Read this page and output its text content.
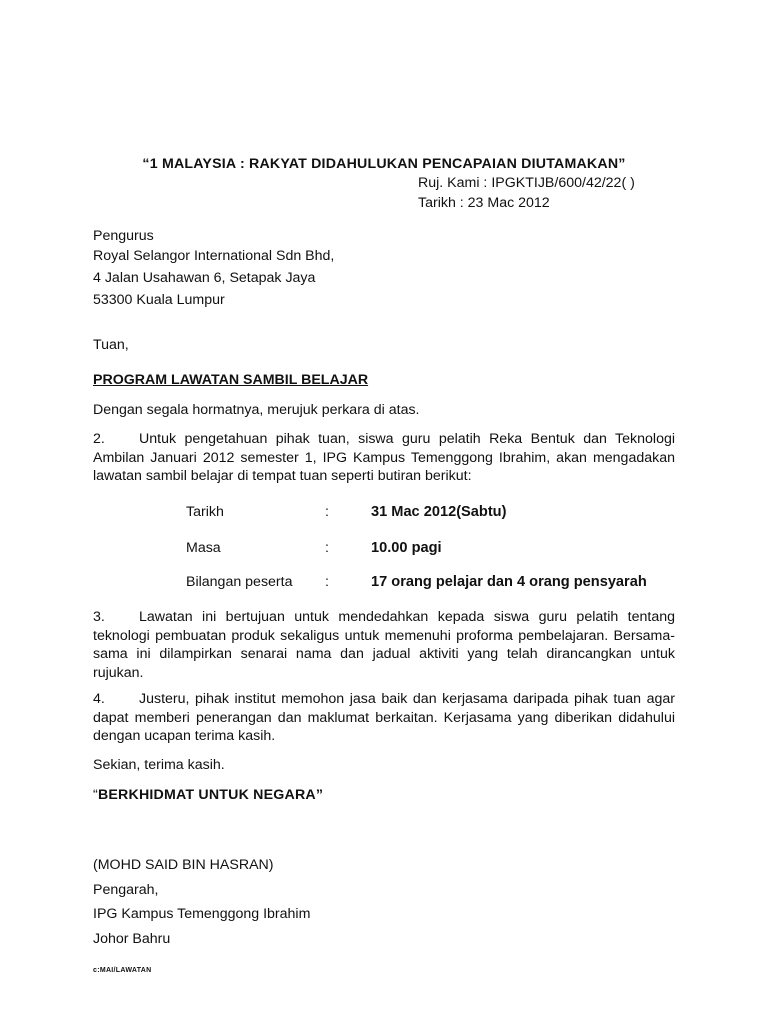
“1 MALAYSIA : RAKYAT DIDAHULUKAN PENCAPAIAN DIUTAMAKAN”
Ruj. Kami : IPGKTIJB/600/42/22( )
Tarikh : 23 Mac 2012
Pengurus
Royal Selangor International Sdn Bhd,
4 Jalan Usahawan 6, Setapak Jaya
53300 Kuala Lumpur
Tuan,
PROGRAM LAWATAN SAMBIL BELAJAR
Dengan segala hormatnya, merujuk perkara di atas.
2. Untuk pengetahuan pihak tuan, siswa guru pelatih Reka Bentuk dan Teknologi
Ambilan Januari 2012 semester 1, IPG Kampus Temenggong Ibrahim, akan mengadakan
lawatan sambil belajar di tempat tuan seperti butiran berikut:
Tarikh	:	31 Mac 2012(Sabtu)
Masa	:	10.00 pagi
Bilangan peserta :	17 orang pelajar dan 4 orang pensyarah
3. Lawatan ini bertujuan untuk mendedahkan kepada siswa guru pelatih tentang
teknologi pembuatan produk sekaligus untuk memenuhi proforma pembelajaran. Bersama-
sama ini dilampirkan senarai nama dan jadual aktiviti yang telah dirancangkan untuk
rujukan.
4. Justeru, pihak institut memohon jasa baik dan kerjasama daripada pihak tuan agar
dapat memberi penerangan dan maklumat berkaitan. Kerjasama yang diberikan didahului
dengan ucapan terima kasih.
Sekian, terima kasih.
“BERKHIDMAT UNTUK NEGARA”
(MOHD SAID BIN HASRAN)
Pengarah,
IPG Kampus Temenggong Ibrahim
Johor Bahru
c:MAI/LAWATAN
